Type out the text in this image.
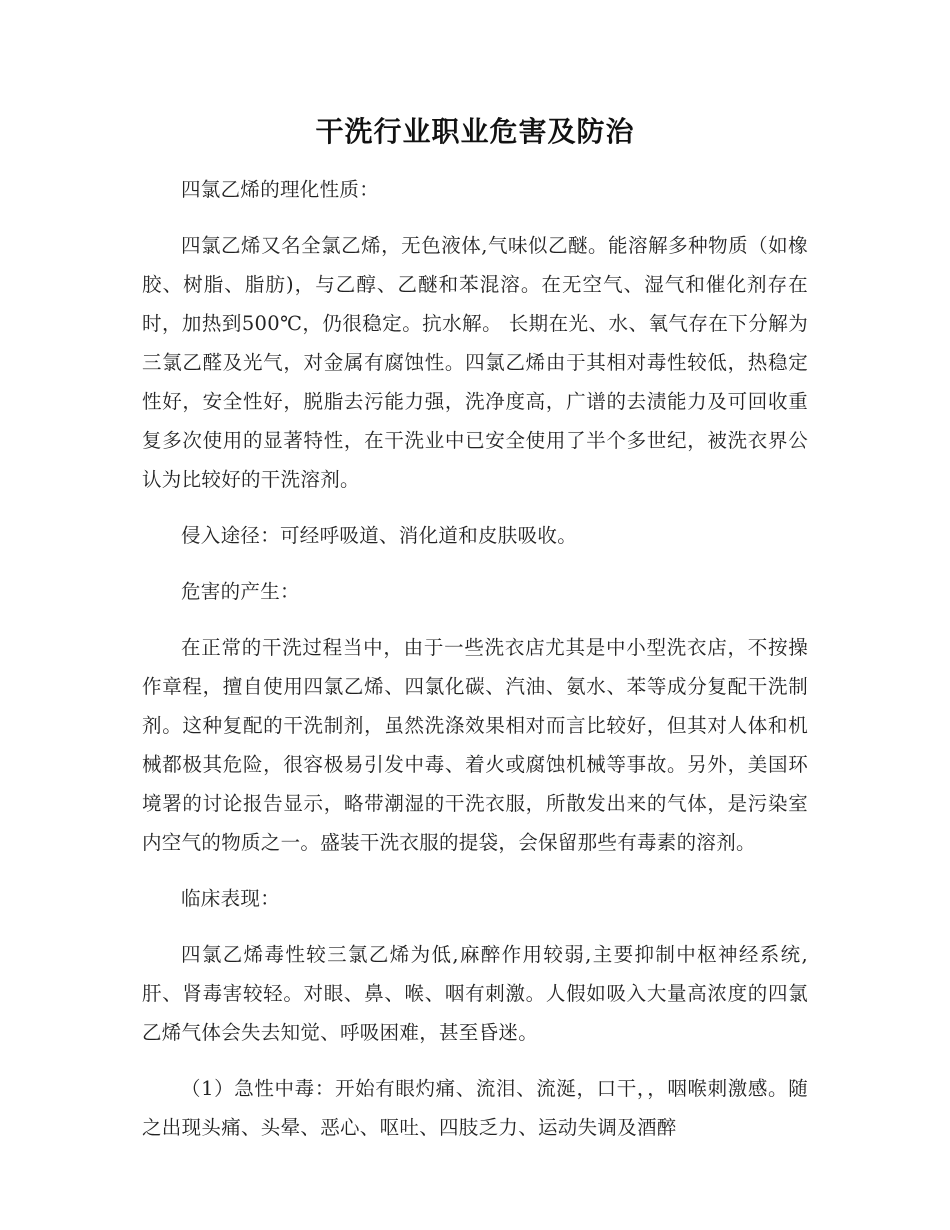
干洗行业职业危害及防治

四氯乙烯的理化性质：

四氯乙烯又名全氯乙烯，无色液体,气味似乙醚。能溶解多种物质（如橡胶、树脂、脂肪)，与乙醇、乙醚和苯混溶。在无空气、湿气和催化剂存在时，加热到500℃，仍很稳定。抗水解。 长期在光、水、氧气存在下分解为三氯乙醛及光气，对金属有腐蚀性。四氯乙烯由于其相对毒性较低，热稳定性好，安全性好，脱脂去污能力强，洗净度高，广谱的去渍能力及可回收重复多次使用的显著特性，在干洗业中已安全使用了半个多世纪，被洗衣界公认为比较好的干洗溶剂。

侵入途径：可经呼吸道、消化道和皮肤吸收。

危害的产生：

在正常的干洗过程当中，由于一些洗衣店尤其是中小型洗衣店，不按操作章程，擅自使用四氯乙烯、四氯化碳、汽油、氨水、苯等成分复配干洗制剂。这种复配的干洗制剂，虽然洗涤效果相对而言比较好，但其对人体和机械都极其危险，很容极易引发中毒、着火或腐蚀机械等事故。另外，美国环境署的讨论报告显示，略带潮湿的干洗衣服，所散发出来的气体，是污染室内空气的物质之一。盛装干洗衣服的提袋，会保留那些有毒素的溶剂。

临床表现：

四氯乙烯毒性较三氯乙烯为低,麻醉作用较弱,主要抑制中枢神经系统,肝、肾毒害较轻。对眼、鼻、喉、咽有刺激。人假如吸入大量高浓度的四氯乙烯气体会失去知觉、呼吸困难，甚至昏迷。

（1）急性中毒：开始有眼灼痛、流泪、流涎，口干，，咽喉刺激感。随之出现头痛、头晕、恶心、呕吐、四肢乏力、运动失调及酒醉
